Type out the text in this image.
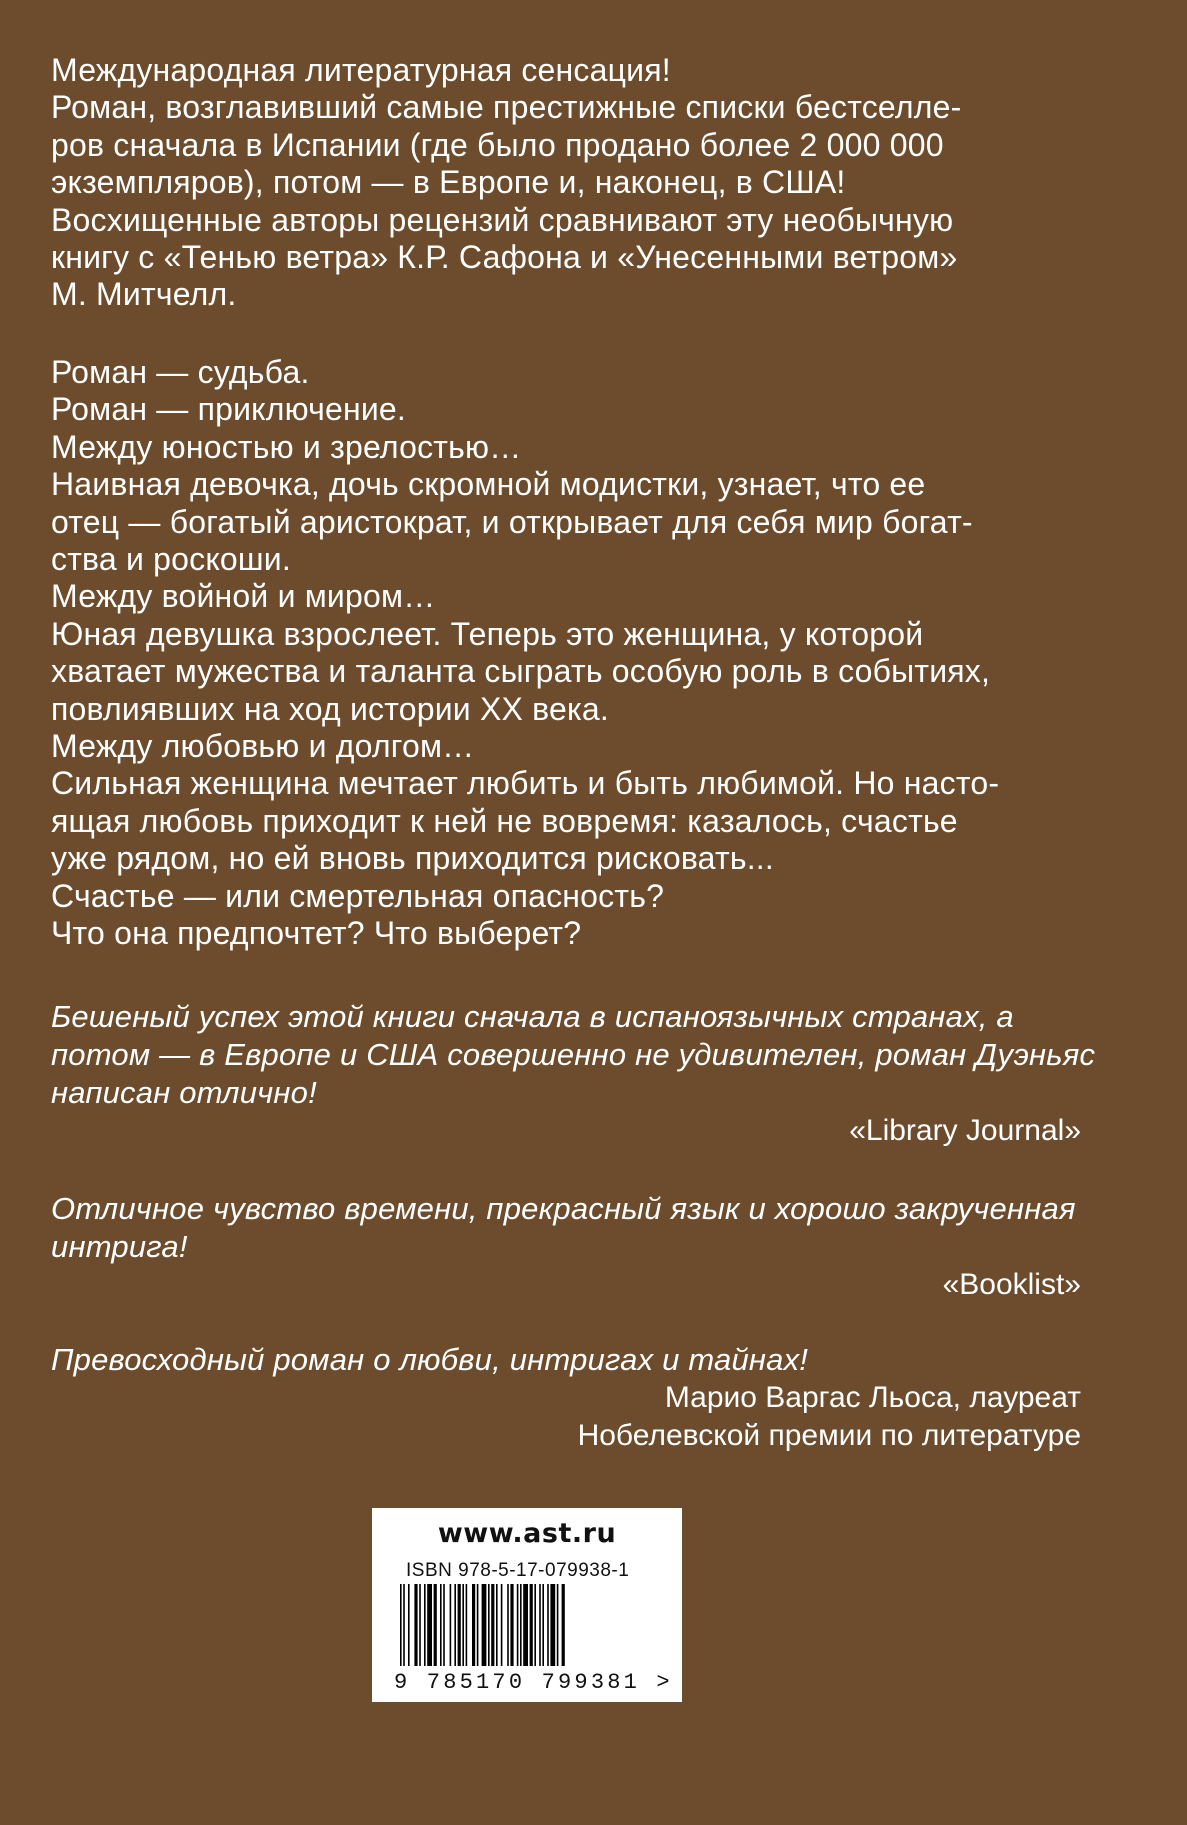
Международная литературная сенсация!
Роман, возглавивший самые престижные списки бестселле-
ров сначала в Испании (где было продано более 2 000 000
экземпляров), потом — в Европе и, наконец, в США!
Восхищенные авторы рецензий сравнивают эту необычную
книгу с «Тенью ветра» К.Р. Сафона и «Унесенными ветром»
М. Митчелл.
Роман — судьба.
Роман — приключение.
Между юностью и зрелостью…
Наивная девочка, дочь скромной модистки, узнает, что ее
отец — богатый аристократ, и открывает для себя мир богат-
ства и роскоши.
Между войной и миром…
Юная девушка взрослеет. Теперь это женщина, у которой
хватает мужества и таланта сыграть особую роль в событиях,
повлиявших на ход истории XX века.
Между любовью и долгом…
Сильная женщина мечтает любить и быть любимой. Но насто-
ящая любовь приходит к ней не вовремя: казалось, счастье
уже рядом, но ей вновь приходится рисковать...
Счастье — или смертельная опасность?
Что она предпочтет? Что выберет?
Бешеный успех этой книги сначала в испаноязычных странах, а
потом — в Европе и США совершенно не удивителен, роман Дуэньяс
написан отлично!
«Library Journal»
Отличное чувство времени, прекрасный язык и хорошо закрученная
интрига!
«Booklist»
Превосходный роман о любви, интригах и тайнах!
Марио Варгас Льоса, лауреат
Нобелевской премии по литературе
www.ast.ru
ISBN 978-5-17-079938-1
9 785170 799381 >
